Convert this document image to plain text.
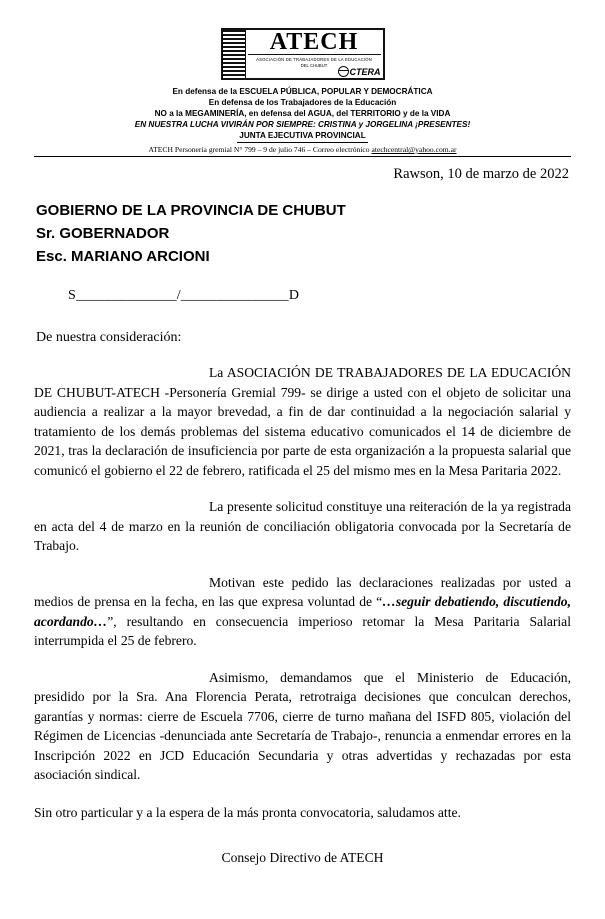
ATECH
ASOCIACIÓN DE TRABAJADORES DE LA EDUCACIÓN
DEL CHUBUT
CTERA
En defensa de la ESCUELA PÚBLICA, POPULAR Y DEMOCRÁTICA
En defensa de los Trabajadores de la Educación
NO a la MEGAMINERÍA, en defensa del AGUA, del TERRITORIO y de la VIDA
EN NUESTRA LUCHA VIVIRÁN POR SIEMPRE: CRISTINA y JORGELINA ¡PRESENTES!
JUNTA EJECUTIVA PROVINCIAL
ATECH Personería gremial N° 799 – 9 de julio 746 – Correo electrónico atechcentral@yahoo.com.ar
Rawson, 10 de marzo de 2022
GOBIERNO DE LA PROVINCIA DE CHUBUT
Sr. GOBERNADOR
Esc. MARIANO ARCIONI
S______________/_______________D
De nuestra consideración:
La ASOCIACIÓN DE TRABAJADORES DE LA EDUCACIÓN DE CHUBUT-ATECH -Personería Gremial 799- se dirige a usted con el objeto de solicitar una audiencia a realizar a la mayor brevedad, a fin de dar continuidad a la negociación salarial y tratamiento de los demás problemas del sistema educativo comunicados el 14 de diciembre de 2021, tras la declaración de insuficiencia por parte de esta organización a la propuesta salarial que comunicó el gobierno el 22 de febrero, ratificada el 25 del mismo mes en la Mesa Paritaria 2022.
La presente solicitud constituye una reiteración de la ya registrada en acta del 4 de marzo en la reunión de conciliación obligatoria convocada por la Secretaría de Trabajo.
Motivan este pedido las declaraciones realizadas por usted a medios de prensa en la fecha, en las que expresa voluntad de “…seguir debatiendo, discutiendo, acordando…”, resultando en consecuencia imperioso retomar la Mesa Paritaria Salarial interrumpida el 25 de febrero.
Asimismo, demandamos que el Ministerio de Educación, presidido por la Sra. Ana Florencia Perata, retrotraiga decisiones que conculcan derechos, garantías y normas: cierre de Escuela 7706, cierre de turno mañana del ISFD 805, violación del Régimen de Licencias -denunciada ante Secretaría de Trabajo-, renuncia a enmendar errores en la Inscripción 2022 en JCD Educación Secundaria y otras advertidas y rechazadas por esta asociación sindical.
Sin otro particular y a la espera de la más pronta convocatoria, saludamos atte.
Consejo Directivo de ATECH
